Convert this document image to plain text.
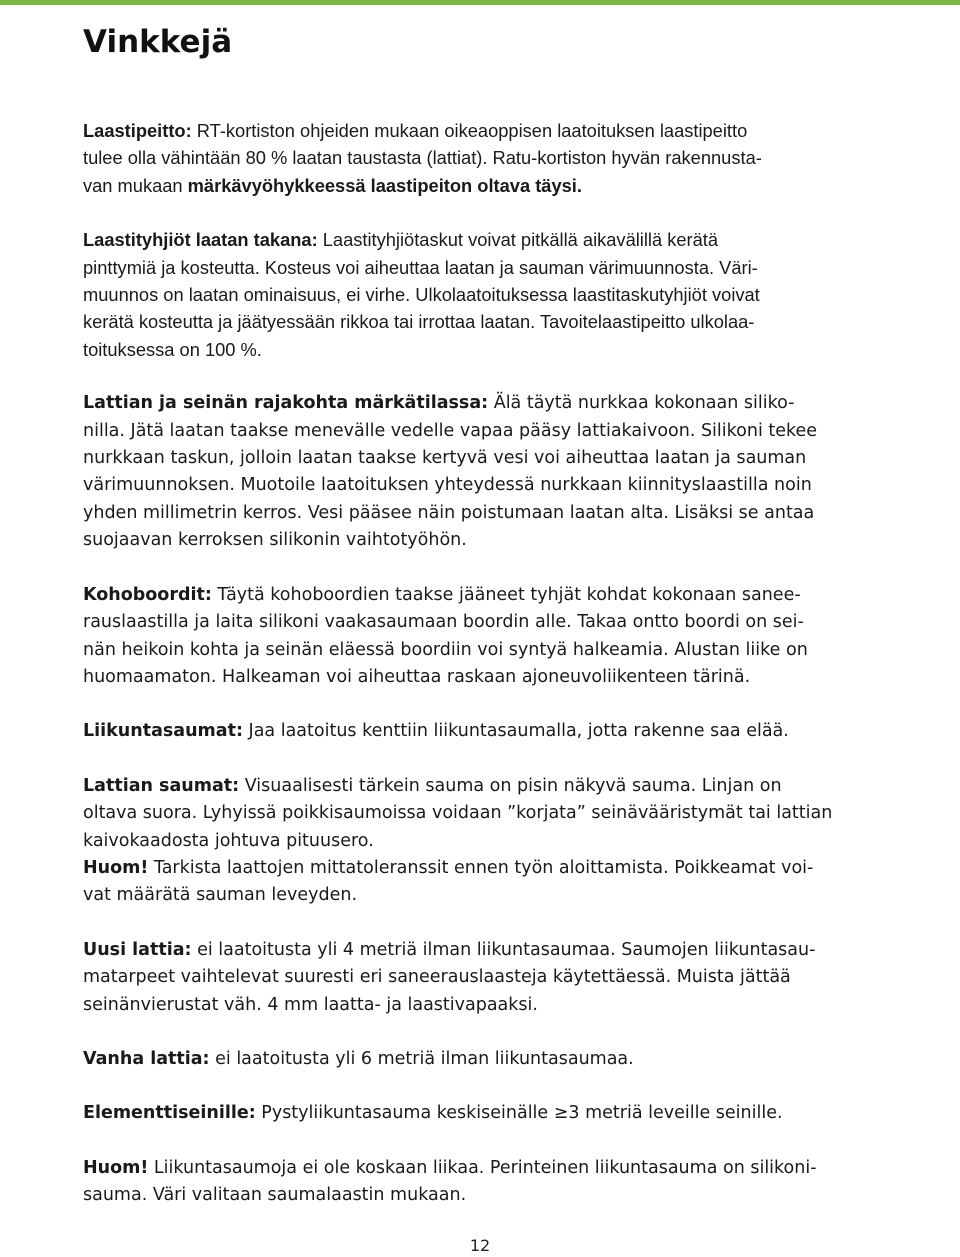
Vinkkejä

Laastipeitto: RT-kortiston ohjeiden mukaan oikeaoppisen laatoituksen laastipeitto
tulee olla vähintään 80 % laatan taustasta (lattiat). Ratu-kortiston hyvän rakennusta-
van mukaan märkävyöhykkeessä laastipeiton oltava täysi.

Laastityhjiöt laatan takana: Laastityhjiötaskut voivat pitkällä aikavälillä kerätä
pinttymiä ja kosteutta. Kosteus voi aiheuttaa laatan ja sauman värimuunnosta. Väri-
muunnos on laatan ominaisuus, ei virhe. Ulkolaatoituksessa laastitaskutyhjiöt voivat
kerätä kosteutta ja jäätyessään rikkoa tai irrottaa laatan. Tavoitelaastipeitto ulkolaa-
toituksessa on 100 %.

Lattian ja seinän rajakohta märkätilassa: Älä täytä nurkkaa kokonaan siliko-
nilla. Jätä laatan taakse menevälle vedelle vapaa pääsy lattiakaivoon. Silikoni tekee
nurkkaan taskun, jolloin laatan taakse kertyvä vesi voi aiheuttaa laatan ja sauman
värimuunnoksen. Muotoile laatoituksen yhteydessä nurkkaan kiinnityslaastilla noin
yhden millimetrin kerros. Vesi pääsee näin poistumaan laatan alta. Lisäksi se antaa
suojaavan kerroksen silikonin vaihtotyöhön.

Kohoboordit: Täytä kohoboordien taakse jääneet tyhjät kohdat kokonaan sanee-
rauslaastilla ja laita silikoni vaakasaumaan boordin alle. Takaa ontto boordi on sei-
nän heikoin kohta ja seinän eläessä boordiin voi syntyä halkeamia. Alustan liike on
huomaamaton. Halkeaman voi aiheuttaa raskaan ajoneuvoliikenteen tärinä.

Liikuntasaumat: Jaa laatoitus kenttiin liikuntasaumalla, jotta rakenne saa elää.

Lattian saumat: Visuaalisesti tärkein sauma on pisin näkyvä sauma. Linjan on
oltava suora. Lyhyissä poikkisaumoissa voidaan ”korjata” seinävääristymät tai lattian
kaivokaadosta johtuva pituusero.
Huom! Tarkista laattojen mittatoleranssit ennen työn aloittamista. Poikkeamat voi-
vat määrätä sauman leveyden.

Uusi lattia: ei laatoitusta yli 4 metriä ilman liikuntasaumaa. Saumojen liikuntasau-
matarpeet vaihtelevat suuresti eri saneerauslaasteja käytettäessä. Muista jättää
seinänvierustat väh. 4 mm laatta- ja laastivapaaksi.

Vanha lattia: ei laatoitusta yli 6 metriä ilman liikuntasaumaa.

Elementtiseinille: Pystyliikuntasauma keskiseinälle ≥3 metriä leveille seinille.

Huom! Liikuntasaumoja ei ole koskaan liikaa. Perinteinen liikuntasauma on silikoni-
sauma. Väri valitaan saumalaastin mukaan.

12
